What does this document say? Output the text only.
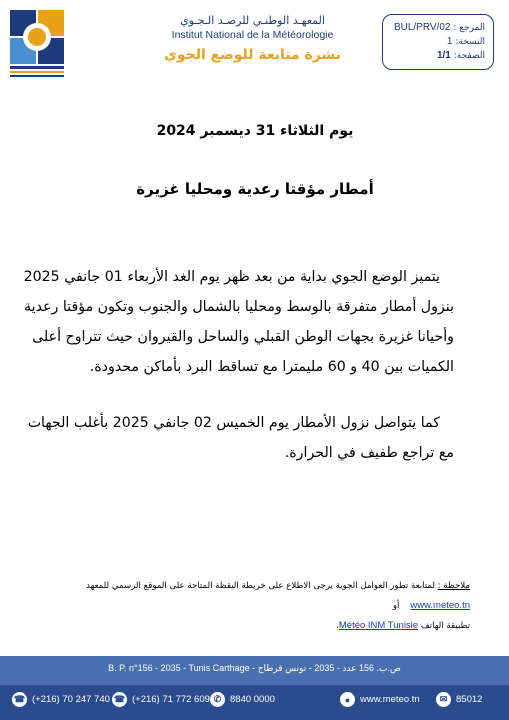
المعهـد الوطنـي للرصـد الـجـوي
Institut National de la Météorologie
نشرة متابعة للوضع الجوي
المرجع : BUL/PRV/02
النسخة: 1
الصفحة: 1/1
يوم الثلاثاء 31 ديسمبر 2024
أمطار مؤقتا رعدية ومحليا غزيرة
يتميز الوضع الجوي بداية من بعد ظهر يوم الغد الأربعاء 01 جانفي 2025
بنزول أمطار متفرقة بالوسط ومحليا بالشمال والجنوب وتكون مؤقتا رعدية
وأحيانا غزيرة بجهات الوطن القبلي والساحل والقيروان حيث تتراوح أعلى
الكميات بين 40 و 60 مليمترا مع تساقط البرد بأماكن محدودة.
كما يتواصل نزول الأمطار يوم الخميس 02 جانفي 2025 بأغلب الجهات
مع تراجع طفيف في الحرارة.
ملاحظة : لمتابعة تطور العوامل الجوية يرجى الاطلاع على خريطة اليقظة المتاحة على الموقع الرسمي للمعهد www.meteo.tn    أو
تطبيقة الهاتف Météo INM Tunisie.
B. P. n°156 - 2035 - Tunis Carthage - ص.ب. 156 عدد - 2035 - تونس قرطاج
☎ (+216) 70 247 740 ☎ (+216) 71 772 609 ✆ 8840 0000	●	www.meteo.tn	✉ 85012
